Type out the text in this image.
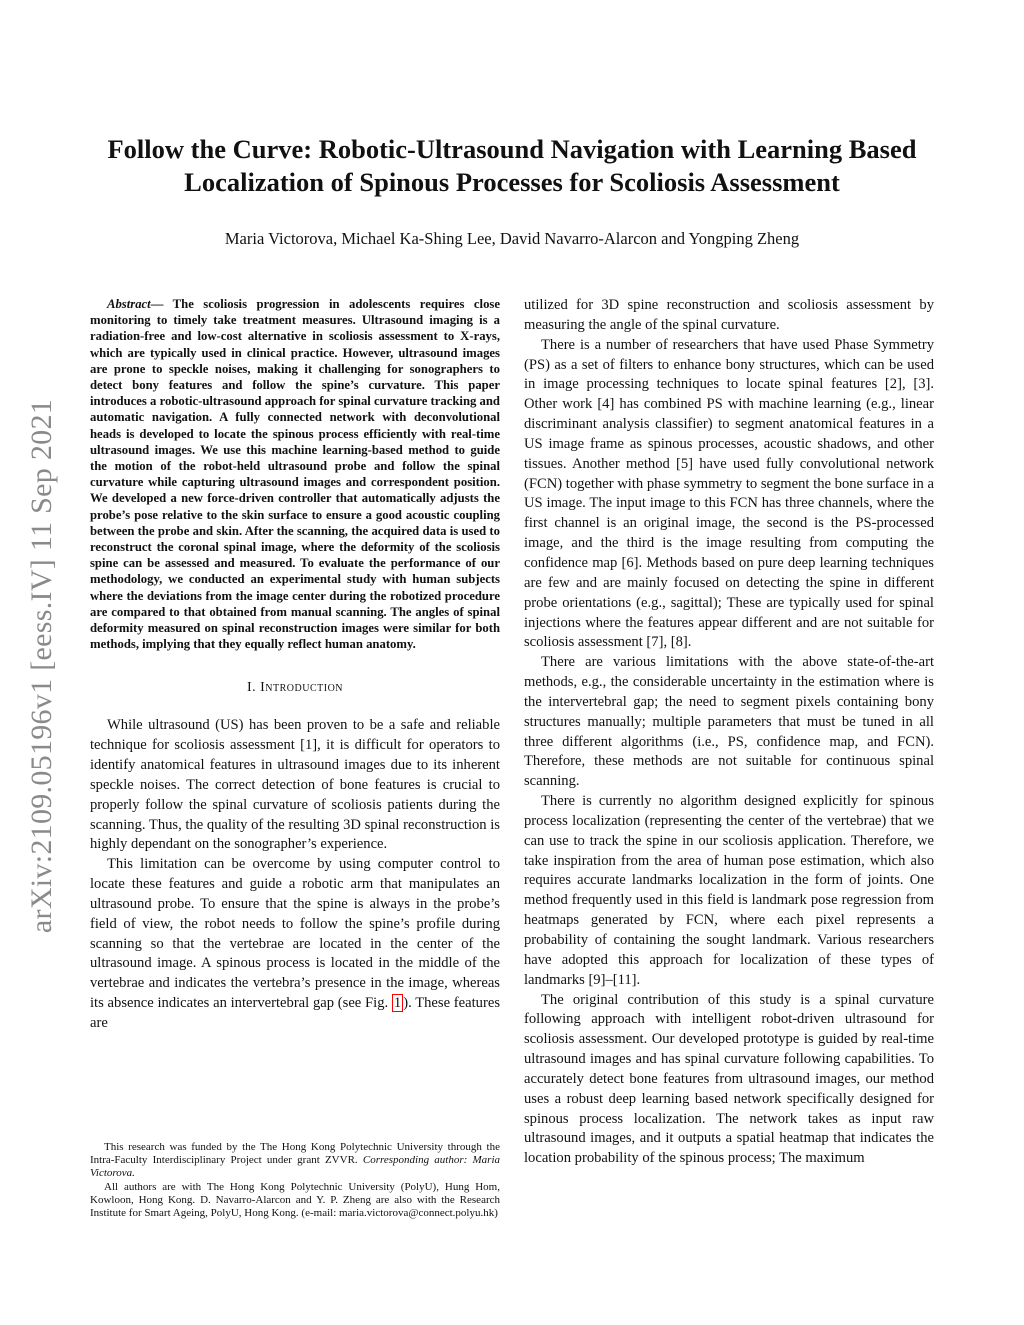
arXiv:2109.05196v1 [eess.IV] 11 Sep 2021
Follow the Curve: Robotic-Ultrasound Navigation with Learning Based Localization of Spinous Processes for Scoliosis Assessment
Maria Victorova, Michael Ka-Shing Lee, David Navarro-Alarcon and Yongping Zheng

Abstract— The scoliosis progression in adolescents requires close monitoring to timely take treatment measures. Ultrasound imaging is a radiation-free and low-cost alternative in scoliosis assessment to X-rays, which are typically used in clinical practice. However, ultrasound images are prone to speckle noises, making it challenging for sonographers to detect bony features and follow the spine’s curvature. This paper introduces a robotic-ultrasound approach for spinal curvature tracking and automatic navigation. A fully connected network with deconvolutional heads is developed to locate the spinous process efficiently with real-time ultrasound images. We use this machine learning-based method to guide the motion of the robot-held ultrasound probe and follow the spinal curvature while capturing ultrasound images and correspondent position. We developed a new force-driven controller that automatically adjusts the probe’s pose relative to the skin surface to ensure a good acoustic coupling between the probe and skin. After the scanning, the acquired data is used to reconstruct the coronal spinal image, where the deformity of the scoliosis spine can be assessed and measured. To evaluate the performance of our methodology, we conducted an experimental study with human subjects where the deviations from the image center during the robotized procedure are compared to that obtained from manual scanning. The angles of spinal deformity measured on spinal reconstruction images were similar for both methods, implying that they equally reflect human anatomy.

I. Introduction

While ultrasound (US) has been proven to be a safe and reliable technique for scoliosis assessment [1], it is difficult for operators to identify anatomical features in ultrasound images due to its inherent speckle noises. The correct detection of bone features is crucial to properly follow the spinal curvature of scoliosis patients during the scanning. Thus, the quality of the resulting 3D spinal reconstruction is highly dependant on the sonographer’s experience.

This limitation can be overcome by using computer control to locate these features and guide a robotic arm that manipulates an ultrasound probe. To ensure that the spine is always in the probe’s field of view, the robot needs to follow the spine’s profile during scanning so that the vertebrae are located in the center of the ultrasound image. A spinous process is located in the middle of the vertebrae and indicates the vertebra’s presence in the image, whereas its absence indicates an intervertebral gap (see Fig. 1 ). These features are

This research was funded by the The Hong Kong Polytechnic University through the Intra-Faculty Interdisciplinary Project under grant ZVVR. Corresponding author: Maria Victorova.

All authors are with The Hong Kong Polytechnic University (PolyU), Hung Hom, Kowloon, Hong Kong. D. Navarro-Alarcon and Y. P. Zheng are also with the Research Institute for Smart Ageing, PolyU, Hong Kong. (e-mail: maria.victorova@connect.polyu.hk)

utilized for 3D spine reconstruction and scoliosis assessment by measuring the angle of the spinal curvature.

There is a number of researchers that have used Phase Symmetry (PS) as a set of filters to enhance bony structures, which can be used in image processing techniques to locate spinal features [2], [3]. Other work [4] has combined PS with machine learning (e.g., linear discriminant analysis classifier) to segment anatomical features in a US image frame as spinous processes, acoustic shadows, and other tissues. Another method [5] have used fully convolutional network (FCN) together with phase symmetry to segment the bone surface in a US image. The input image to this FCN has three channels, where the first channel is an original image, the second is the PS-processed image, and the third is the image resulting from computing the confidence map [6]. Methods based on pure deep learning techniques are few and are mainly focused on detecting the spine in different probe orientations (e.g., sagittal); These are typically used for spinal injections where the features appear different and are not suitable for scoliosis assessment [7], [8].

There are various limitations with the above state-of-the-art methods, e.g., the considerable uncertainty in the estimation where is the intervertebral gap; the need to segment pixels containing bony structures manually; multiple parameters that must be tuned in all three different algorithms (i.e., PS, confidence map, and FCN). Therefore, these methods are not suitable for continuous spinal scanning.

There is currently no algorithm designed explicitly for spinous process localization (representing the center of the vertebrae) that we can use to track the spine in our scoliosis application. Therefore, we take inspiration from the area of human pose estimation, which also requires accurate landmarks localization in the form of joints. One method frequently used in this field is landmark pose regression from heatmaps generated by FCN, where each pixel represents a probability of containing the sought landmark. Various researchers have adopted this approach for localization of these types of landmarks [9]–[11].

The original contribution of this study is a spinal curvature following approach with intelligent robot-driven ultrasound for scoliosis assessment. Our developed prototype is guided by real-time ultrasound images and has spinal curvature following capabilities. To accurately detect bone features from ultrasound images, our method uses a robust deep learning based network specifically designed for spinous process localization. The network takes as input raw ultrasound images, and it outputs a spatial heatmap that indicates the location probability of the spinous process; The maximum
